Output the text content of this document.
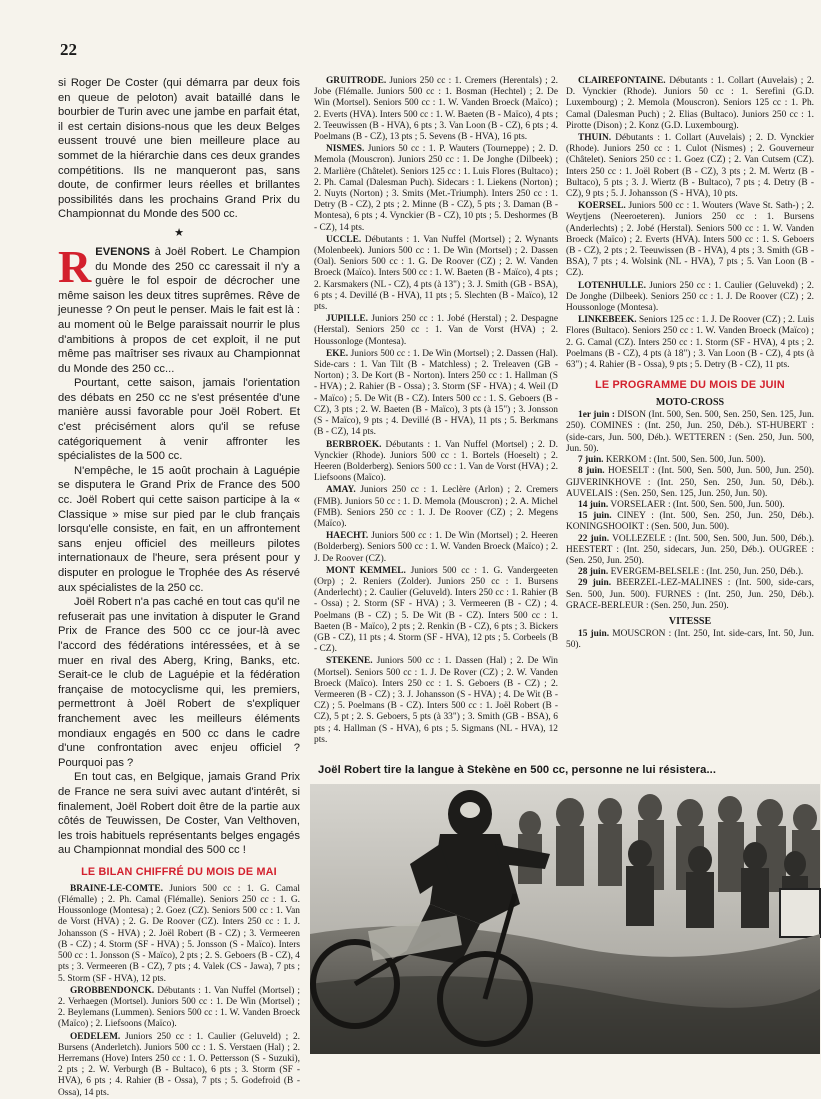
22

si Roger De Coster (qui démarra par deux fois en queue de peloton) avait bataillé dans le bourbier de Turin avec une jambe en parfait état, il est certain disions-nous que les deux Belges eussent trouvé une bien meilleure place au sommet de la hiérarchie dans ces deux grandes compétitions. Ils ne manqueront pas, sans doute, de confirmer leurs réelles et brillantes possibilités dans les prochains Grand Prix du Championnat du Monde des 500 cc.

★

REVENONS à Joël Robert. Le Champion du Monde des 250 cc caressait il n'y a guère le fol espoir de décrocher une même saison les deux titres suprêmes. Rêve de jeunesse ? On peut le penser. Mais le fait est là : au moment où le Belge paraissait nourrir le plus d'ambitions à propos de cet exploit, il ne put même pas maîtriser ses rivaux au Championnat du Monde des 250 cc...

Pourtant, cette saison, jamais l'orientation des débats en 250 cc ne s'est présentée d'une manière aussi favorable pour Joël Robert. Et c'est précisément alors qu'il se refuse catégoriquement à venir affronter les spécialistes de la 500 cc.

N'empêche, le 15 août prochain à Laguépie se disputera le Grand Prix de France des 500 cc. Joël Robert qui cette saison participe à la « Classique » mise sur pied par le club français lorsqu'elle consiste, en fait, en un affrontement sans enjeu officiel des meilleurs pilotes internationaux de l'heure, sera présent pour y disputer en prologue le Trophée des As réservé aux spécialistes de la 250 cc.

Joël Robert n'a pas caché en tout cas qu'il ne refuserait pas une invitation à disputer le Grand Prix de France des 500 cc ce jour-là avec l'accord des fédérations intéressées, et à se muer en rival des Aberg, Kring, Banks, etc. Serait-ce le club de Laguépie et la fédération française de motocyclisme qui, les premiers, permettront à Joël Robert de s'expliquer franchement avec les meilleurs éléments mondiaux engagés en 500 cc dans le cadre d'une confrontation avec enjeu officiel ? Pourquoi pas ?

En tout cas, en Belgique, jamais Grand Prix de France ne sera suivi avec autant d'intérêt, si finalement, Joël Robert doit être de la partie aux côtés de Teuwissen, De Coster, Van Velthoven, les trois habituels représentants belges engagés au Championnat mondial des 500 cc !

LE BILAN CHIFFRÉ DU MOIS DE MAI

BRAINE-LE-COMTE. Juniors 500 cc : 1. G. Camal (Flémalle) ; 2. Ph. Camal (Flémalle). Seniors 250 cc : 1. G. Houssonloge (Montesa) ; 2. Goez (CZ). Seniors 500 cc : 1. Van de Vorst (HVA) ; 2. G. De Roover (CZ). Inters 250 cc : 1. J. Johansson (S - HVA) ; 2. Joël Robert (B - CZ) ; 3. Vermeeren (B - CZ) ; 4. Storm (SF - HVA) ; 5. Jonsson (S - Maïco). Inters 500 cc : 1. Jonsson (S - Maïco), 2 pts ; 2. S. Geboers (B - CZ), 4 pts ; 3. Vermeeren (B - CZ), 7 pts ; 4. Valek (CS - Jawa), 7 pts ; 5. Storm (SF - HVA), 12 pts.

GROBBENDONCK. Débutants : 1. Van Nuffel (Mortsel) ; 2. Verhaegen (Mortsel). Juniors 500 cc : 1. De Win (Mortsel) ; 2. Beylemans (Lummen). Seniors 500 cc : 1. W. Vanden Broeck (Maïco) ; 2. Liefsoons (Maïco).

OEDELEM. Juniors 250 cc : 1. Caulier (Geluveld) ; 2. Bursens (Anderletch). Juniors 500 cc : 1. S. Verstaen (Hal) ; 2. Herremans (Hove) Inters 250 cc : 1. O. Pettersson (S - Suzuki), 2 pts ; 2. W. Verburgh (B - Bultaco), 6 pts ; 3. Storm (SF - HVA), 6 pts ; 4. Rahier (B - Ossa), 7 pts ; 5. Godefroid (B - Ossa), 14 pts.

GRUITRODE. Juniors 250 cc : 1. Cremers (Herentals) ; 2. Jobe (Flémalle. Juniors 500 cc : 1. Bosman (Hechtel) ; 2. De Win (Mortsel). Seniors 500 cc : 1. W. Vanden Broeck (Maïco) ; 2. Everts (HVA). Inters 500 cc : 1. W. Baeten (B - Maïco), 4 pts ; 2. Teeuwissen (B - HVA), 6 pts ; 3. Van Loon (B - CZ), 6 pts ; 4. Poelmans (B - CZ), 13 pts ; 5. Sevens (B - HVA), 16 pts.

NISMES. Juniors 50 cc : 1. P. Wauters (Tourneppe) ; 2. D. Memola (Mouscron). Juniors 250 cc : 1. De Jonghe (Dilbeek) ; 2. Marlière (Châtelet). Seniors 125 cc : 1. Luis Flores (Bultaco) ; 2. Ph. Camal (Dalesman Puch). Sidecars : 1. Liekens (Norton) ; 2. Nuyts (Norton) ; 3. Smits (Met.-Triumph). Inters 250 cc : 1. Detry (B - CZ), 2 pts ; 2. Minne (B - CZ), 5 pts ; 3. Daman (B - Montesa), 6 pts ; 4. Vynckier (B - CZ), 10 pts ; 5. Deshormes (B - CZ), 14 pts.

UCCLE. Débutants : 1. Van Nuffel (Mortsel) ; 2. Wynants (Molenbeek). Juniors 500 cc : 1. De Win (Mortsel) ; 2. Dassen (Oal). Seniors 500 cc : 1. G. De Roover (CZ) ; 2. W. Vanden Broeck (Maïco). Inters 500 cc : 1. W. Baeten (B - Maïco), 4 pts ; 2. Karsmakers (NL - CZ), 4 pts (à 13") ; 3. J. Smith (GB - BSA), 6 pts ; 4. Devillé (B - HVA), 11 pts ; 5. Slechten (B - Maïco), 12 pts.

JUPILLE. Juniors 250 cc : 1. Jobé (Herstal) ; 2. Despagne (Herstal). Seniors 250 cc : 1. Van de Vorst (HVA) ; 2. Houssonloge (Montesa).

EKE. Juniors 500 cc : 1. De Win (Mortsel) ; 2. Dassen (Hal). Side-cars : 1. Van Tilt (B - Matchless) ; 2. Treleaven (GB - Norton) ; 3. De Kort (B - Norton). Inters 250 cc : 1. Hallman (S - HVA) ; 2. Rahier (B - Ossa) ; 3. Storm (SF - HVA) ; 4. Weil (D - Maïco) ; 5. De Wit (B - CZ). Inters 500 cc : 1. S. Geboers (B - CZ), 3 pts ; 2. W. Baeten (B - Maïco), 3 pts (à 15") ; 3. Jonsson (S - Maïco), 9 pts ; 4. Devillé (B - HVA), 11 pts ; 5. Berkmans (B - CZ), 14 pts.

BERBROEK. Débutants : 1. Van Nuffel (Mortsel) ; 2. D. Vynckier (Rhode). Juniors 500 cc : 1. Bortels (Hoeselt) ; 2. Heeren (Bolderberg). Seniors 500 cc : 1. Van de Vorst (HVA) ; 2. Liefsoons (Maïco).

AMAY. Juniors 250 cc : 1. Leclère (Arlon) ; 2. Cremers (FMB). Juniors 50 cc : 1. D. Memola (Mouscron) ; 2. A. Michel (FMB). Seniors 250 cc : 1. J. De Roover (CZ) ; 2. Megens (Maïco).

HAECHT. Juniors 500 cc : 1. De Win (Mortsel) ; 2. Heeren (Bolderberg). Seniors 500 cc : 1. W. Vanden Broeck (Maïco) ; 2. J. De Roover (CZ).

MONT KEMMEL. Juniors 500 cc : 1. G. Vandergeeten (Orp) ; 2. Reniers (Zolder). Juniors 250 cc : 1. Bursens (Anderlecht) ; 2. Caulier (Geluveld). Inters 250 cc : 1. Rahier (B - Ossa) ; 2. Storm (SF - HVA) ; 3. Vermeeren (B - CZ) ; 4. Poelmans (B - CZ) ; 5. De Wit (B - CZ). Inters 500 cc : 1. Baeten (B - Maïco), 2 pts ; 2. Renkin (B - CZ), 6 pts ; 3. Bickers (GB - CZ), 11 pts ; 4. Storm (SF - HVA), 12 pts ; 5. Corbeels (B - CZ).

STEKENE. Juniors 500 cc : 1. Dassen (Hal) ; 2. De Win (Mortsel). Seniors 500 cc : 1. J. De Rover (CZ) ; 2. W. Vanden Broeck (Maïco). Inters 250 cc : 1. S. Geboers (B - CZ) ; 2. Vermeeren (B - CZ) ; 3. J. Johansson (S - HVA) ; 4. De Wit (B - CZ) ; 5. Poelmans (B - CZ). Inters 500 cc : 1. Joël Robert (B - CZ), 5 pt ; 2. S. Geboers, 5 pts (à 33") ; 3. Smith (GB - BSA), 6 pts ; 4. Hallman (S - HVA), 6 pts ; 5. Sigmans (NL - HVA), 12 pts.

CLAIREFONTAINE. Débutants : 1. Collart (Auvelais) ; 2. D. Vynckier (Rhode). Juniors 50 cc : 1. Serefini (G.D. Luxembourg) ; 2. Memola (Mouscron). Seniors 125 cc : 1. Ph. Camal (Dalesman Puch) ; 2. Elias (Bultaco). Juniors 250 cc : 1. Pirotte (Dison) ; 2. Konz (G.D. Luxembourg).

THUIN. Débutants : 1. Collart (Auvelais) ; 2. D. Vynckier (Rhode). Juniors 250 cc : 1. Culot (Nismes) ; 2. Gouverneur (Châtelet). Seniors 250 cc : 1. Goez (CZ) ; 2. Van Cutsem (CZ). Inters 250 cc : 1. Joël Robert (B - CZ), 3 pts ; 2. M. Wertz (B - Bultaco), 5 pts ; 3. J. Wiertz (B - Bultaco), 7 pts ; 4. Detry (B - CZ), 9 pts ; 5. J. Johansson (S - HVA), 10 pts.

KOERSEL. Juniors 500 cc : 1. Wouters (Wave St. Sath-) ; 2. Weytjens (Neeroeteren). Juniors 250 cc : 1. Bursens (Anderlechts) ; 2. Jobé (Herstal). Seniors 500 cc : 1. W. Vanden Broeck (Maïco) ; 2. Everts (HVA). Inters 500 cc : 1. S. Geboers (B - CZ), 2 pts ; 2. Teeuwissen (B - HVA), 4 pts ; 3. Smith (GB - BSA), 7 pts ; 4. Wolsink (NL - HVA), 7 pts ; 5. Van Loon (B - CZ).

LOTENHULLE. Juniors 250 cc : 1. Caulier (Geluvekd) ; 2. De Jonghe (Dilbeek). Seniors 250 cc : 1. J. De Roover (CZ) ; 2. Houssonloge (Montesa).

LINKEBEEK. Seniors 125 cc : 1. J. De Roover (CZ) ; 2. Luis Flores (Bultaco). Seniors 250 cc : 1. W. Vanden Broeck (Maïco) ; 2. G. Camal (CZ). Inters 250 cc : 1. Storm (SF - HVA), 4 pts ; 2. Poelmans (B - CZ), 4 pts (à 18") ; 3. Van Loon (B - CZ), 4 pts (à 63") ; 4. Rahier (B - Ossa), 9 pts ; 5. Detry (B - CZ), 11 pts.

LE PROGRAMME DU MOIS DE JUIN
MOTO-CROSS

1er juin : DISON (Int. 500, Sen. 500, Sen. 250, Sen. 125, Jun. 250). COMINES : (Int. 250, Jun. 250, Déb.). ST-HUBERT : (side-cars, Jun. 500, Déb.). WETTEREN : (Sen. 250, Jun. 500, Jun. 50).

7 juin. KERKOM : (Int. 500, Sen. 500, Jun. 500).

8 juin. HOESELT : (Int. 500, Sen. 500, Jun. 500, Jun. 250). GIJVERINKHOVE : (Int. 250, Sen. 250, Jun. 50, Déb.). AUVELAIS : (Sen. 250, Sen. 125, Jun. 250, Jun. 50).

14 juin. VORSELAER : (Int. 500, Sen. 500, Jun. 500).

15 juin. CINEY : (Int. 500, Sen. 250, Jun. 250, Déb.). KONINGSHOOIKT : (Sen. 500, Jun. 500).

22 juin. VOLLEZELE : (Int. 500, Sen. 500, Jun. 500, Déb.). HEESTERT : (Int. 250, sidecars, Jun. 250, Déb.). OUGREE : (Sen. 250, Jun. 250).

28 juin. EVERGEM-BELSELE : (Int. 250, Jun. 250, Déb.).

29 juin. BEERZEL-LEZ-MALINES : (Int. 500, side-cars, Sen. 500, Jun. 500). FURNES : (Int. 250, Jun. 250, Déb.). GRACE-BERLEUR : (Sen. 250, Jun. 250).

VITESSE

15 juin. MOUSCRON : (Int. 250, Int. side-cars, Int. 50, Jun. 50).

Joël Robert tire la langue à Stekène en 500 cc, personne ne lui résistera...
